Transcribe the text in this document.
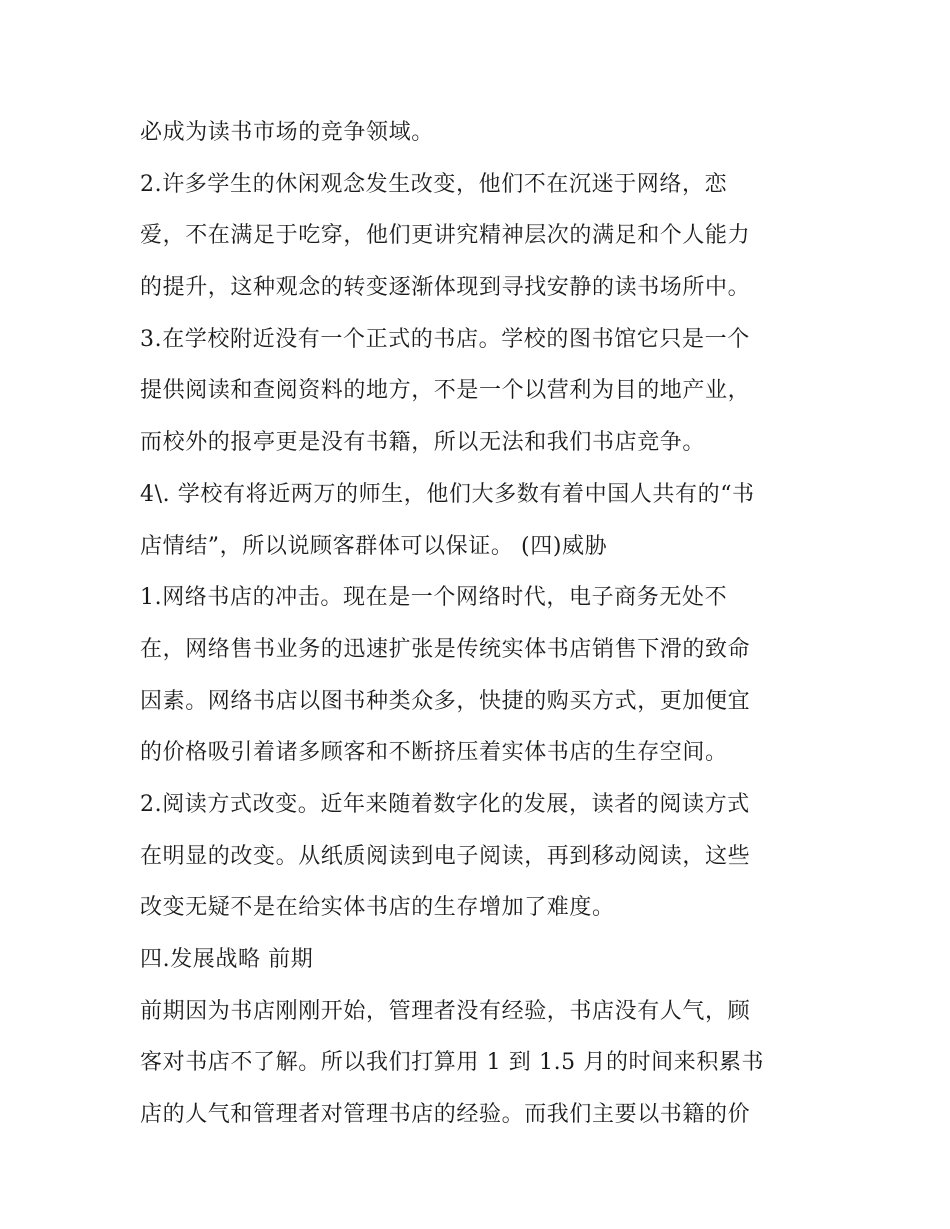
必成为读书市场的竞争领域。
2.许多学生的休闲观念发生改变，他们不在沉迷于网络，恋
爱，不在满足于吃穿，他们更讲究精神层次的满足和个人能力
的提升，这种观念的转变逐渐体现到寻找安静的读书场所中。
3.在学校附近没有一个正式的书店。学校的图书馆它只是一个
提供阅读和查阅资料的地方，不是一个以营利为目的地产业，
而校外的报亭更是没有书籍，所以无法和我们书店竞争。
4\. 学校有将近两万的师生，他们大多数有着中国人共有的“书
店情结”，所以说顾客群体可以保证。 (四)威胁
1.网络书店的冲击。现在是一个网络时代，电子商务无处不
在，网络售书业务的迅速扩张是传统实体书店销售下滑的致命
因素。网络书店以图书种类众多，快捷的购买方式，更加便宜
的价格吸引着诸多顾客和不断挤压着实体书店的生存空间。
2.阅读方式改变。近年来随着数字化的发展，读者的阅读方式
在明显的改变。从纸质阅读到电子阅读，再到移动阅读，这些
改变无疑不是在给实体书店的生存增加了难度。
四.发展战略 前期
前期因为书店刚刚开始，管理者没有经验，书店没有人气，顾
客对书店不了解。所以我们打算用 1 到 1.5 月的时间来积累书
店的人气和管理者对管理书店的经验。而我们主要以书籍的价
